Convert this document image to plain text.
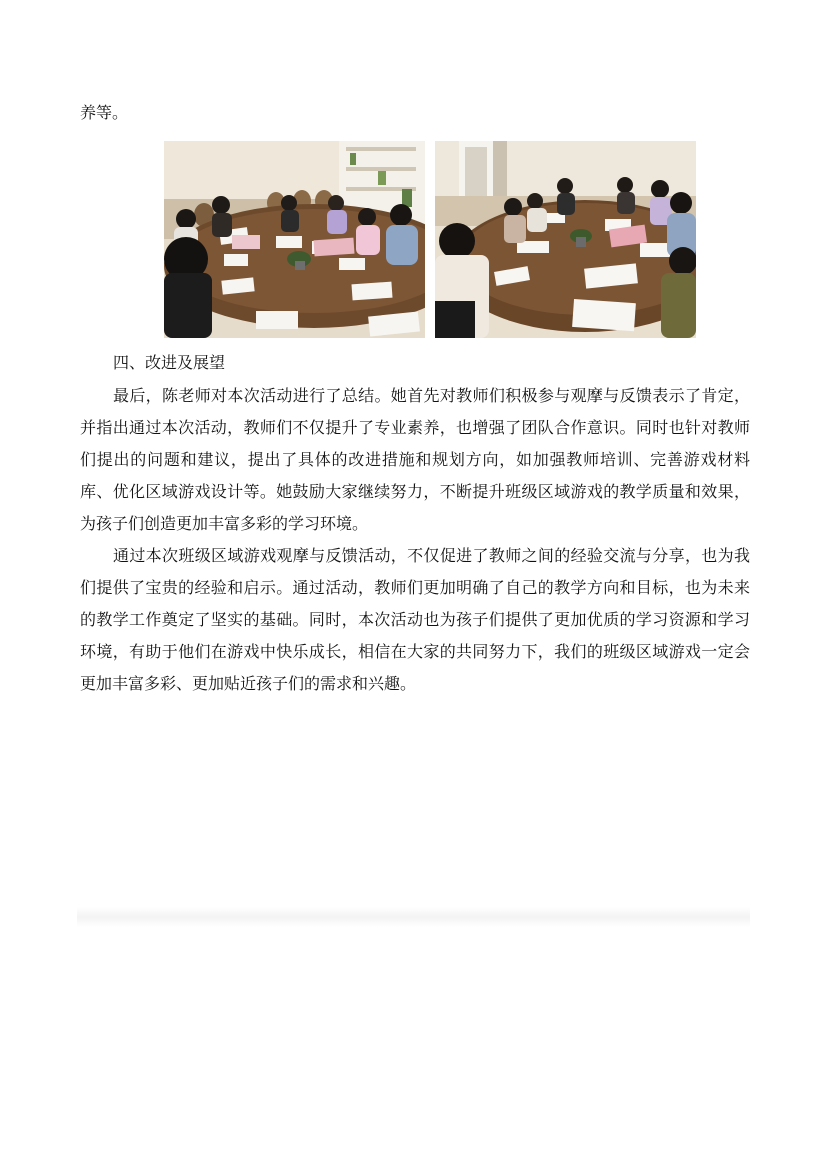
养等。
四、改进及展望

最后，陈老师对本次活动进行了总结。她首先对教师们积极参与观摩与反馈表示了肯定，并指出通过本次活动，教师们不仅提升了专业素养，也增强了团队合作意识。同时也针对教师们提出的问题和建议，提出了具体的改进措施和规划方向，如加强教师培训、完善游戏材料库、优化区域游戏设计等。她鼓励大家继续努力，不断提升班级区域游戏的教学质量和效果，为孩子们创造更加丰富多彩的学习环境。

通过本次班级区域游戏观摩与反馈活动，不仅促进了教师之间的经验交流与分享，也为我们提供了宝贵的经验和启示。通过活动，教师们更加明确了自己的教学方向和目标，也为未来的教学工作奠定了坚实的基础。同时，本次活动也为孩子们提供了更加优质的学习资源和学习环境，有助于他们在游戏中快乐成长，相信在大家的共同努力下，我们的班级区域游戏一定会更加丰富多彩、更加贴近孩子们的需求和兴趣。
